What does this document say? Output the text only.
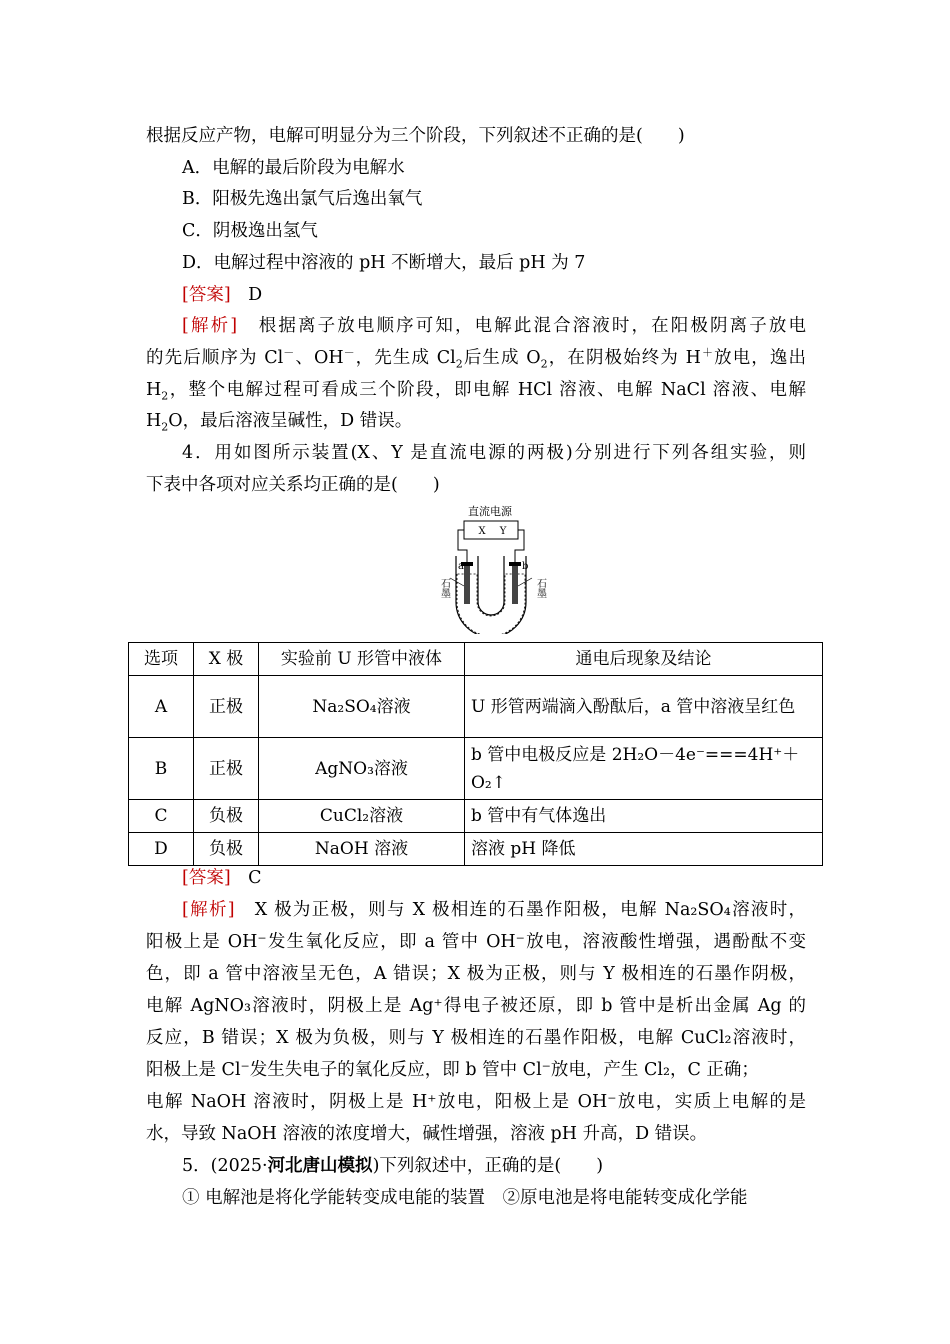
根据反应产物，电解可明显分为三个阶段，下列叙述不正确的是(　　)
A．电解的最后阶段为电解水
B．阳极先逸出氯气后逸出氧气
C．阴极逸出氢气
D．电解过程中溶液的 pH 不断增大，最后 pH 为 7
[答案]　 D
[解析]　 根据离子放电顺序可知，电解此混合溶液时，在阳极阴离子放电
的先后顺序为 Cl－、OH－，先生成 $Cl_2$后生成 $O_2$，在阴极始终为 H＋放电，逸出
$H_2$，整个电解过程可看成三个阶段，即电解 HCl 溶液、电解 NaCl 溶液、电解
$H_2O$，最后溶液呈碱性，D 错误。
4．用如图所示装置(X、Y 是直流电源的两极)分别进行下列各组实验，则
下表中各项对应关系均正确的是(　　)
直流电源
X Y
a	b
石墨	石墨
选项	X 极	实验前 U 形管中液体	通电后现象及结论
A	正极	Na₂SO₄溶液	U 形管两端滴入酚酞后，a 管中溶液呈红色
B	正极	AgNO₃溶液	b 管中电极反应是 2H₂O－4e⁻===4H⁺＋O₂↑
C	负极	CuCl₂溶液	b 管中有气体逸出
D	负极	NaOH 溶液	溶液 pH 降低
[答案]　 C
[解析]　 X 极为正极，则与 X 极相连的石墨作阳极，电解 Na₂SO₄溶液时，
阳极上是 OH⁻发生氧化反应，即 a 管中 OH⁻放电，溶液酸性增强，遇酚酞不变
色，即 a 管中溶液呈无色，A 错误；X 极为正极，则与 Y 极相连的石墨作阴极，
电解 AgNO₃溶液时，阴极上是 Ag⁺得电子被还原，即 b 管中是析出金属 Ag 的
反应，B 错误；X 极为负极，则与 Y 极相连的石墨作阳极，电解 CuCl₂溶液时，
阳极上是 Cl⁻发生失电子的氧化反应，即 b 管中 Cl⁻放电，产生 Cl₂，C 正确；
电解 NaOH 溶液时，阴极上是 H⁺放电，阳极上是 OH⁻放电，实质上电解的是
水，导致 NaOH 溶液的浓度增大，碱性增强，溶液 pH 升高，D 错误。
5．(2025·河北唐山模拟)下列叙述中，正确的是(　　)
① 电解池是将化学能转变成电能的装置　②原电池是将电能转变成化学能
